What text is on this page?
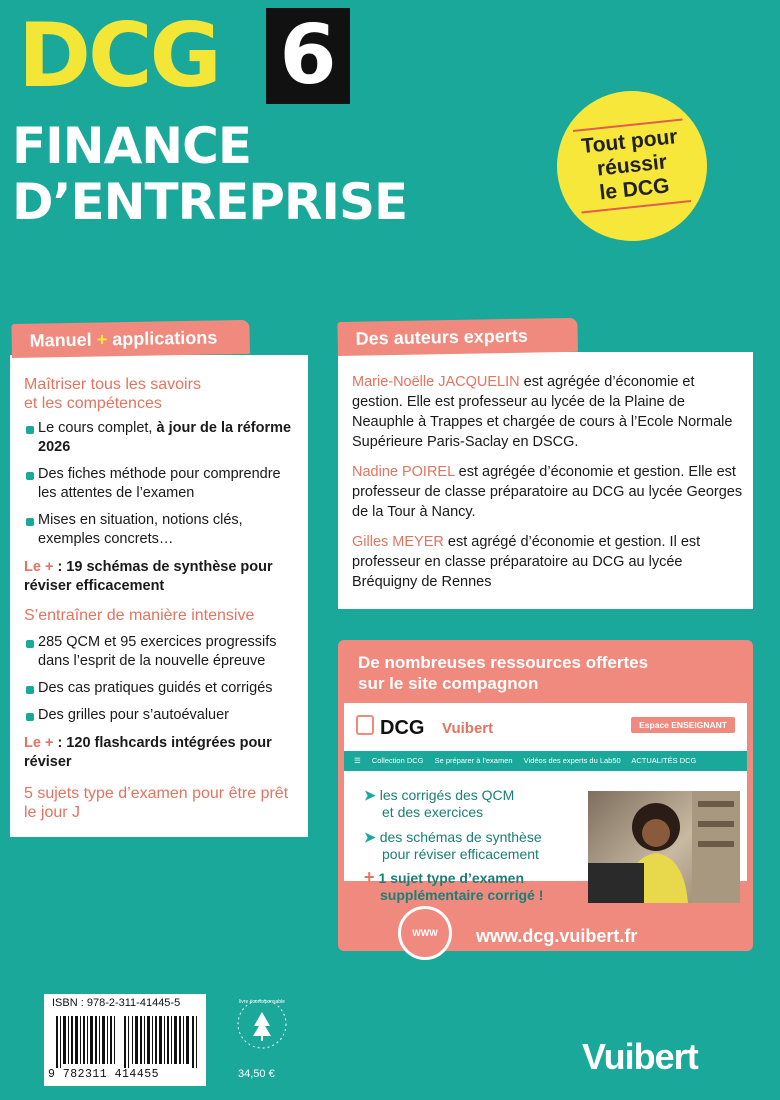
DCG 6
FINANCE
D’ENTREPRISE
Tout pour
réussir
le DCG
Maîtriser tous les savoirs
et les compétences
Le cours complet, à jour de la réforme 2026
Des fiches méthode pour comprendre les attentes de l’examen
Mises en situation, notions clés, exemples concrets…
Le + : 19 schémas de synthèse pour réviser efficacement
S’entraîner de manière intensive
285 QCM et 95 exercices progressifs dans l’esprit de la nouvelle épreuve
Des cas pratiques guidés et corrigés
Des grilles pour s’autoévaluer
Le + : 120 flashcards intégrées pour réviser
5 sujets type d’examen pour être prêt le jour J
Manuel + applications
Marie-Noëlle JACQUELIN est agrégée d’économie et gestion. Elle est professeur au lycée de la Plaine de Neauphle à Trappes et chargée de cours à l’Ecole Normale Supérieure Paris-Saclay en DSCG.
Nadine POIREL est agrégée d’économie et gestion. Elle est professeur de classe préparatoire au DCG au lycée Georges de la Tour à Nancy.
Gilles MEYER est agrégé d’économie et gestion. Il est professeur en classe préparatoire au DCG au lycée Bréquigny de Rennes
Des auteurs experts
De nombreuses ressources offertes
sur le site compagnon
DCG Vuibert	Espace ENSEIGNANT
☰ Collection DCG Se préparer à l’examen Vidéos des experts du Lab50 ACTUALITÉS DCG
➤ les corrigés des QCM
et des exercices
➤ des schémas de synthèse
pour réviser efficacement
+ 1 sujet type d’examen
supplémentaire corrigé !
WWW	www.dcg.vuibert.fr
ISBN : 978-2-311-41445-5
9 782311 414455
livre écoresponsable
34,50 €	Vuibert
